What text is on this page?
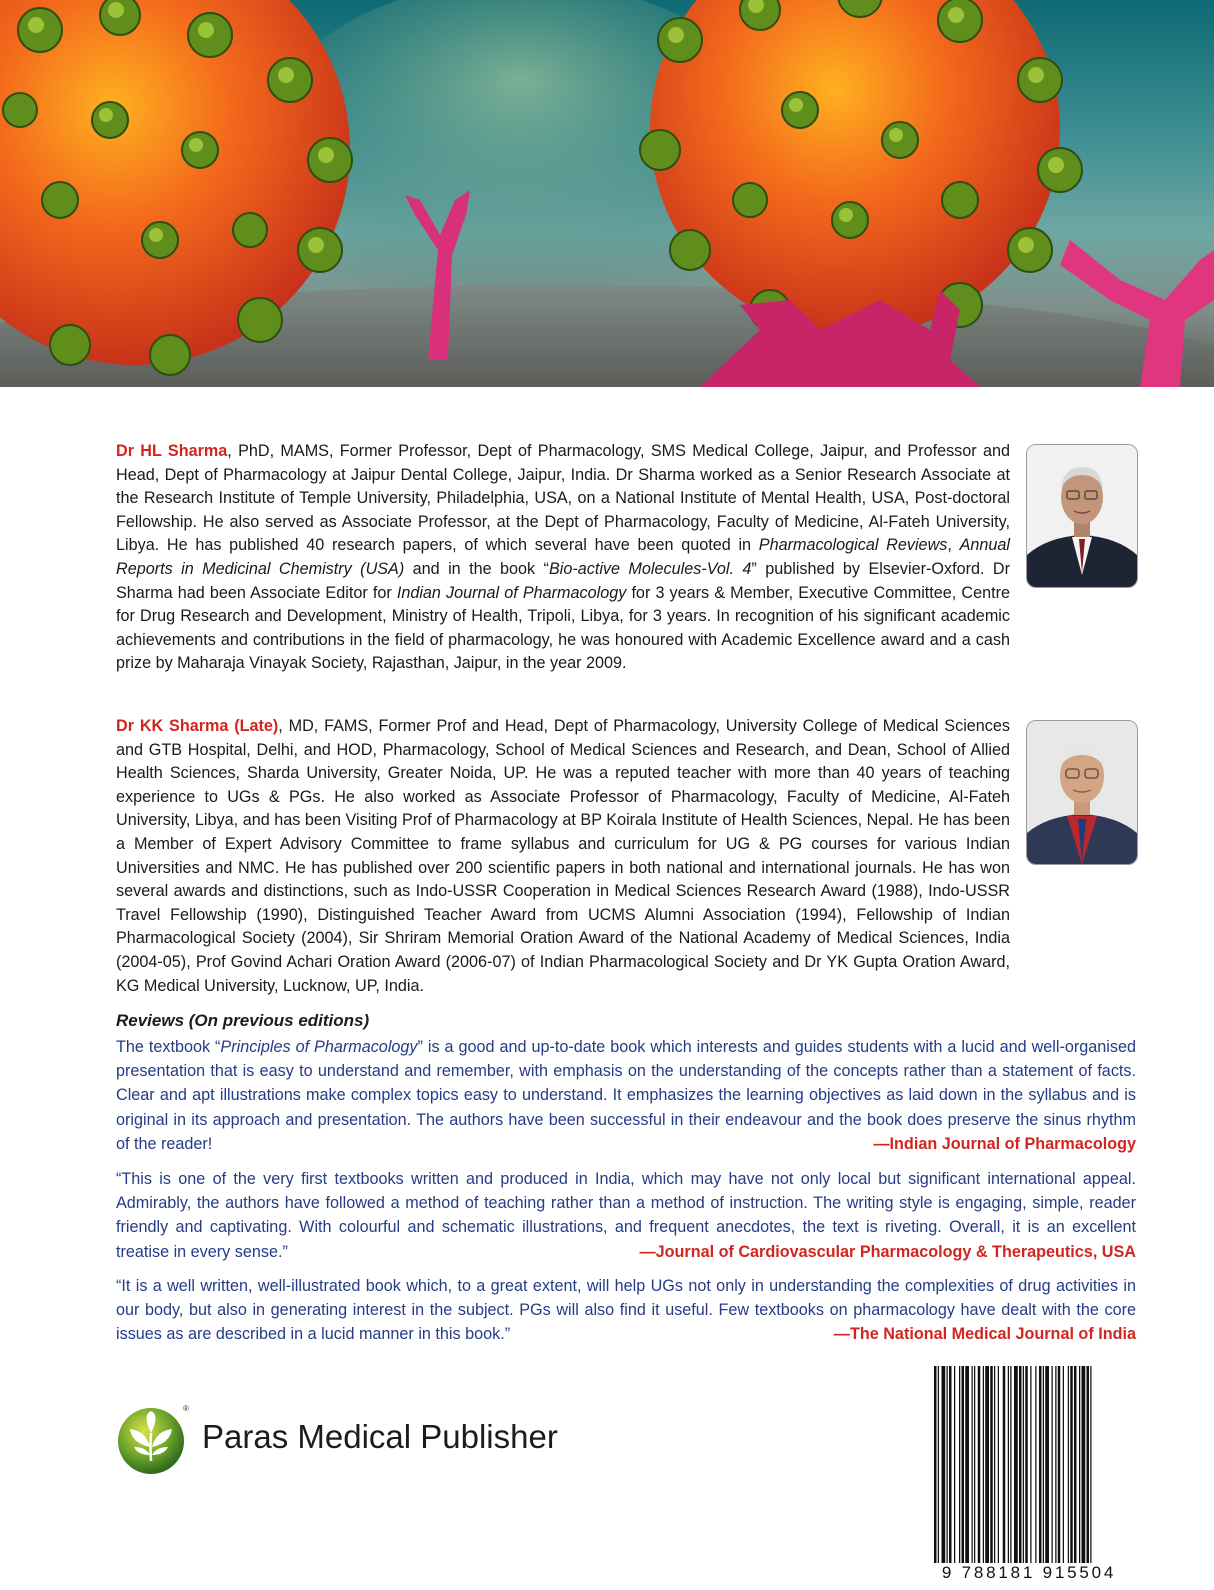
Dr HL Sharma, PhD, MAMS, Former Professor, Dept of Pharmacology, SMS Medical College, Jaipur, and Professor and Head, Dept of Pharmacology at Jaipur Dental College, Jaipur, India. Dr Sharma worked as a Senior Research Associate at the Research Institute of Temple University, Philadelphia, USA, on a National Institute of Mental Health, USA, Post-doctoral Fellowship. He also served as Associate Professor, at the Dept of Pharmacology, Faculty of Medicine, Al-Fateh University, Libya. He has published 40 research papers, of which several have been quoted in Pharmacological Reviews, Annual Reports in Medicinal Chemistry (USA) and in the book “Bio-active Molecules-Vol. 4” published by Elsevier-Oxford. Dr Sharma had been Associate Editor for Indian Journal of Pharmacology for 3 years & Member, Executive Committee, Centre for Drug Research and Development, Ministry of Health, Tripoli, Libya, for 3 years. In recognition of his significant academic achievements and contributions in the field of pharmacology, he was honoured with Academic Excellence award and a cash prize by Maharaja Vinayak Society, Rajasthan, Jaipur, in the year 2009.
Dr KK Sharma (Late), MD, FAMS, Former Prof and Head, Dept of Pharmacology, University College of Medical Sciences and GTB Hospital, Delhi, and HOD, Pharmacology, School of Medical Sciences and Research, and Dean, School of Allied Health Sciences, Sharda University, Greater Noida, UP. He was a reputed teacher with more than 40 years of teaching experience to UGs & PGs. He also worked as Associate Professor of Pharmacology, Faculty of Medicine, Al-Fateh University, Libya, and has been Visiting Prof of Pharmacology at BP Koirala Institute of Health Sciences, Nepal. He has been a Member of Expert Advisory Committee to frame syllabus and curriculum for UG & PG courses for various Indian Universities and NMC. He has published over 200 scientific papers in both national and international journals. He has won several awards and distinctions, such as Indo-USSR Cooperation in Medical Sciences Research Award (1988), Indo-USSR Travel Fellowship (1990), Distinguished Teacher Award from UCMS Alumni Association (1994), Fellowship of Indian Pharmacological Society (2004), Sir Shriram Memorial Oration Award of the National Academy of Medical Sciences, India (2004-05), Prof Govind Achari Oration Award (2006-07) of Indian Pharmacological Society and Dr YK Gupta Oration Award, KG Medical University, Lucknow, UP, India.
Reviews (On previous editions)
The textbook “Principles of Pharmacology” is a good and up-to-date book which interests and guides students with a lucid and well-organised presentation that is easy to understand and remember, with emphasis on the understanding of the concepts rather than a statement of facts. Clear and apt illustrations make complex topics easy to understand. It emphasizes the learning objectives as laid down in the syllabus and is original in its approach and presentation. The authors have been successful in their endeavour and the book does preserve the sinus rhythm of the reader!	—Indian Journal of Pharmacology
“This is one of the very first textbooks written and produced in India, which may have not only local but significant international appeal. Admirably, the authors have followed a method of teaching rather than a method of instruction. The writing style is engaging, simple, reader friendly and captivating. With colourful and schematic illustrations, and frequent anecdotes, the text is riveting. Overall, it is an excellent treatise in every sense.”	—Journal of Cardiovascular Pharmacology & Therapeutics, USA
“It is a well written, well-illustrated book which, to a great extent, will help UGs not only in understanding the complexities of drug activities in our body, but also in generating interest in the subject. PGs will also find it useful. Few textbooks on pharmacology have dealt with the core issues as are described in a lucid manner in this book.”	—The National Medical Journal of India
®
Paras Medical Publisher
9 788181 915504
